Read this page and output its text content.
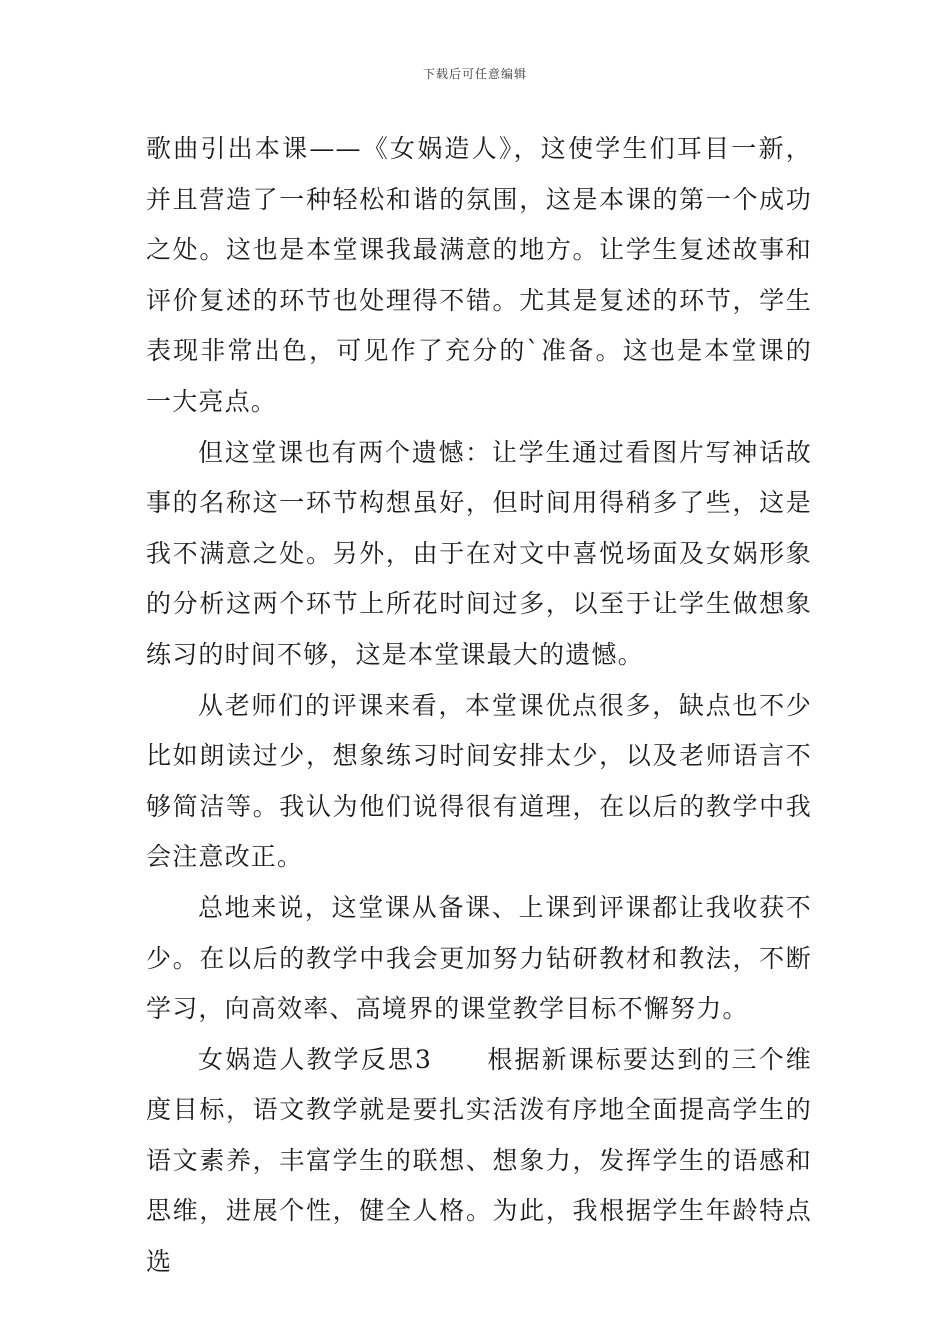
下载后可任意编辑

歌曲引出本课——《女娲造人》，这使学生们耳目一新，并且营造了一种轻松和谐的氛围，这是本课的第一个成功之处。这也是本堂课我最满意的地方。让学生复述故事和评价复述的环节也处理得不错。尤其是复述的环节，学生表现非常出色，可见作了充分的`准备。这也是本堂课的一大亮点。

但这堂课也有两个遗憾：让学生通过看图片写神话故事的名称这一环节构想虽好，但时间用得稍多了些，这是我不满意之处。另外，由于在对文中喜悦场面及女娲形象的分析这两个环节上所花时间过多，以至于让学生做想象练习的时间不够，这是本堂课最大的遗憾。

从老师们的评课来看，本堂课优点很多，缺点也不少比如朗读过少，想象练习时间安排太少，以及老师语言不够简洁等。我认为他们说得很有道理，在以后的教学中我会注意改正。

总地来说，这堂课从备课、上课到评课都让我收获不少。在以后的教学中我会更加努力钻研教材和教法，不断学习，向高效率、高境界的课堂教学目标不懈努力。

女娲造人教学反思3　　根据新课标要达到的三个维度目标，语文教学就是要扎实活泼有序地全面提高学生的语文素养，丰富学生的联想、想象力，发挥学生的语感和思维，进展个性，健全人格。为此，我根据学生年龄特点选
